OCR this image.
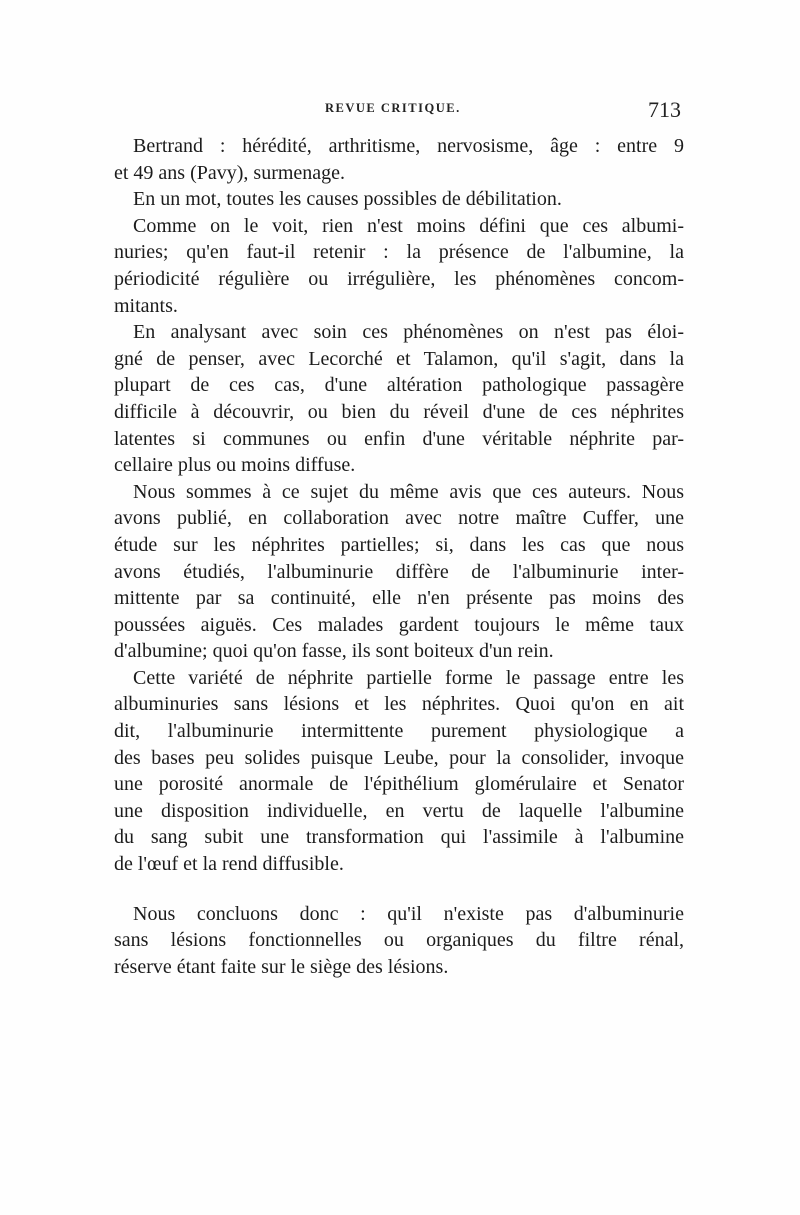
REVUE CRITIQUE.	713
Bertrand : hérédité, arthritisme, nervosisme, âge : entre 9
et 49 ans (Pavy), surmenage.
En un mot, toutes les causes possibles de débilitation.
Comme on le voit, rien n'est moins défini que ces albumi-
nuries; qu'en faut-il retenir : la présence de l'albumine, la
périodicité régulière ou irrégulière, les phénomènes concom-
mitants.
En analysant avec soin ces phénomènes on n'est pas éloi-
gné de penser, avec Lecorché et Talamon, qu'il s'agit, dans la
plupart de ces cas, d'une altération pathologique passagère
difficile à découvrir, ou bien du réveil d'une de ces néphrites
latentes si communes ou enfin d'une véritable néphrite par-
cellaire plus ou moins diffuse.
Nous sommes à ce sujet du même avis que ces auteurs. Nous
avons publié, en collaboration avec notre maître Cuffer, une
étude sur les néphrites partielles; si, dans les cas que nous
avons étudiés, l'albuminurie diffère de l'albuminurie inter-
mittente par sa continuité, elle n'en présente pas moins des
poussées aiguës. Ces malades gardent toujours le même taux
d'albumine; quoi qu'on fasse, ils sont boiteux d'un rein.
Cette variété de néphrite partielle forme le passage entre les
albuminuries sans lésions et les néphrites. Quoi qu'on en ait
dit, l'albuminurie intermittente purement physiologique a
des bases peu solides puisque Leube, pour la consolider, invoque
une porosité anormale de l'épithélium glomérulaire et Senator
une disposition individuelle, en vertu de laquelle l'albumine
du sang subit une transformation qui l'assimile à l'albumine
de l'œuf et la rend diffusible.
Nous concluons donc : qu'il n'existe pas d'albuminurie
sans lésions fonctionnelles ou organiques du filtre rénal,
réserve étant faite sur le siège des lésions.
